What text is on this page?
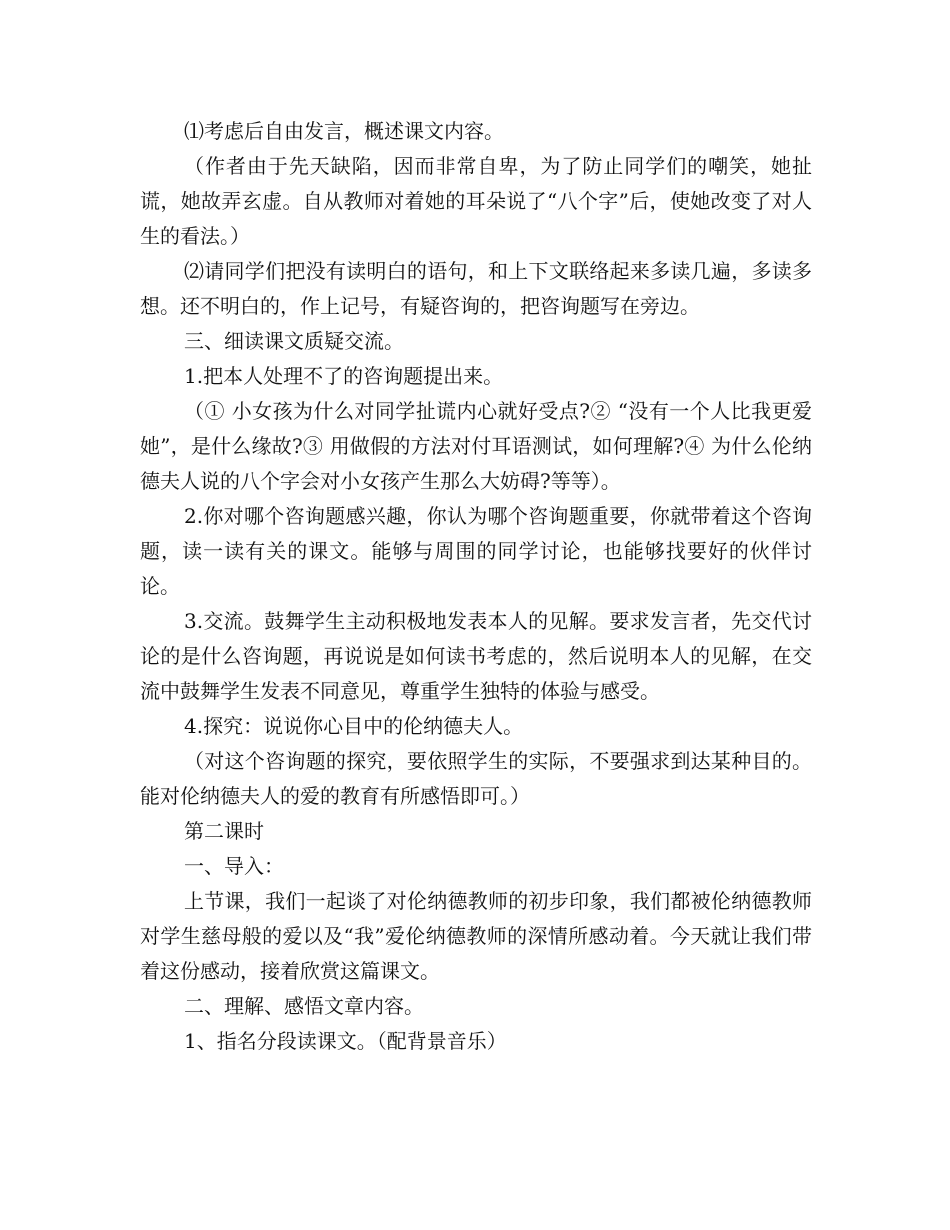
⑴考虑后自由发言，概述课文内容。

（作者由于先天缺陷，因而非常自卑，为了防止同学们的嘲笑，她扯谎，她故弄玄虚。自从教师对着她的耳朵说了“八个字”后，使她改变了对人生的看法。）

⑵请同学们把没有读明白的语句，和上下文联络起来多读几遍，多读多想。还不明白的，作上记号，有疑咨询的，把咨询题写在旁边。

三、细读课文质疑交流。

1.把本人处理不了的咨询题提出来。

（① 小女孩为什么对同学扯谎内心就好受点?② “没有一个人比我更爱她”，是什么缘故?③ 用做假的方法对付耳语测试，如何理解?④ 为什么伦纳德夫人说的八个字会对小女孩产生那么大妨碍?等等）。

2.你对哪个咨询题感兴趣，你认为哪个咨询题重要，你就带着这个咨询题，读一读有关的课文。能够与周围的同学讨论，也能够找要好的伙伴讨论。

3.交流。鼓舞学生主动积极地发表本人的见解。要求发言者，先交代讨论的是什么咨询题，再说说是如何读书考虑的，然后说明本人的见解，在交流中鼓舞学生发表不同意见，尊重学生独特的体验与感受。

4.探究：说说你心目中的伦纳德夫人。

（对这个咨询题的探究，要依照学生的实际，不要强求到达某种目的。能对伦纳德夫人的爱的教育有所感悟即可。）

第二课时

一、导入：

上节课，我们一起谈了对伦纳德教师的初步印象，我们都被伦纳德教师对学生慈母般的爱以及“我”爱伦纳德教师的深情所感动着。今天就让我们带着这份感动，接着欣赏这篇课文。

二、理解、感悟文章内容。

1、指名分段读课文。（配背景音乐）
